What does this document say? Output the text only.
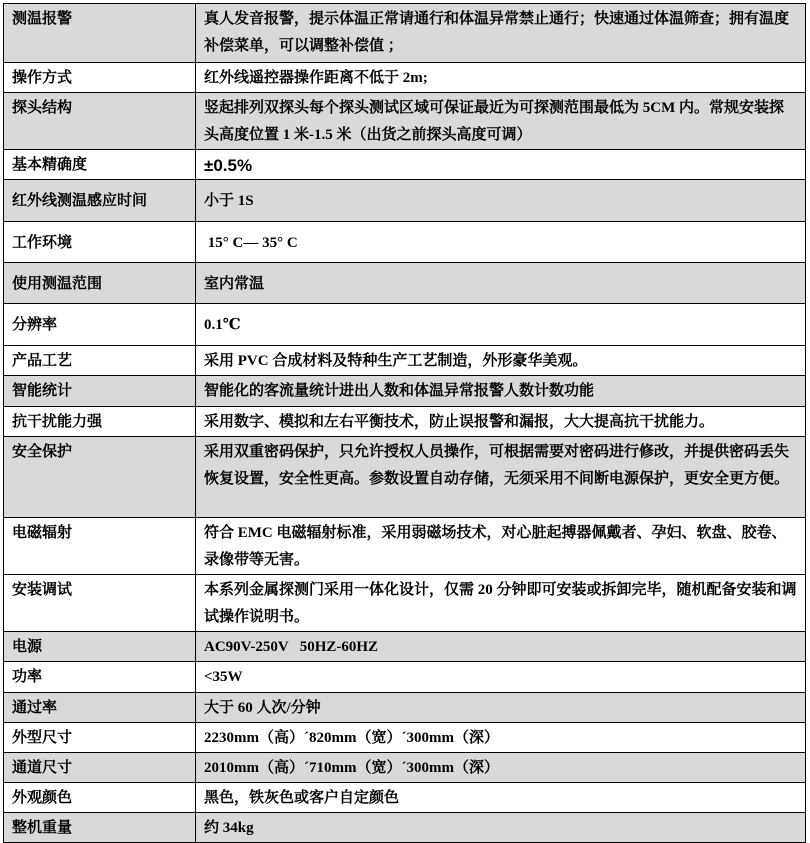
测温报警	真人发音报警，提示体温正常请通行和体温异常禁止通行；快速通过体温筛查；拥有温度补偿菜单，可以调整补偿值 ；
操作方式	红外线遥控器操作距离不低于 2m;
探头结构	竖起排列双探头每个探头测试区域可保证最近为可探测范围最低为 5CM 内。常规安装探头高度位置 1 米-1.5 米（出货之前探头高度可调）
基本精确度	±0.5%
红外线测温感应时间	小于 1S
工作环境	15° C— 35° C
使用测温范围	室内常温
分辨率	0.1℃
产品工艺	采用 PVC 合成材料及特种生产工艺制造，外形豪华美观。
智能统计	智能化的客流量统计进出人数和体温异常报警人数计数功能
抗干扰能力强	采用数字、模拟和左右平衡技术，防止误报警和漏报，大大提高抗干扰能力。
安全保护	采用双重密码保护，只允许授权人员操作，可根据需要对密码进行修改，并提供密码丢失恢复设置，安全性更高。参数设置自动存储，无须采用不间断电源保护，更安全更方便。
电磁辐射	符合 EMC 电磁辐射标准，采用弱磁场技术，对心脏起搏器佩戴者、孕妇、软盘、胶卷、录像带等无害。
安装调试	本系列金属探测门采用一体化设计，仅需 20 分钟即可安装或拆卸完毕，随机配备安装和调试操作说明书。
电源	AC90V-250V   50HZ-60HZ
功率	<35W
通过率	大于 60 人次/分钟
外型尺寸	2230mm（高）´820mm（宽）´300mm（深）
通道尺寸	2010mm（高）´710mm（宽）´300mm（深）
外观颜色	黑色，铁灰色或客户自定颜色
整机重量	约 34kg
